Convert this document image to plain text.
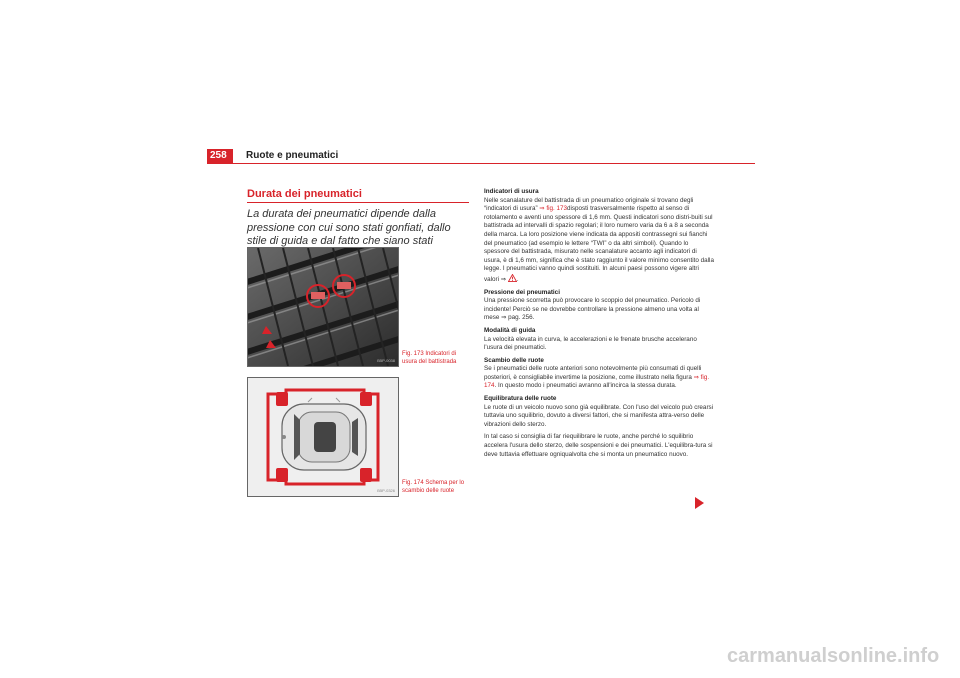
258 Ruote e pneumatici
Durata dei pneumatici
La durata dei pneumatici dipende dalla pressione con cui sono stati gonfiati, dallo stile di guida e dal fatto che siano stati
B5P-0038
Fig. 173 Indicatori di usura del battistrada
B5P-0326
Fig. 174 Schema per lo scambio delle ruote

Indicatori di usura
Nelle scanalature del battistrada di un pneumatico originale si trovano degli “indicatori di usura” ⇒ fig. 173disposti trasversalmente rispetto al senso di rotolamento e aventi uno spessore di 1,6 mm. Questi indicatori sono distri-buiti sul battistrada ad intervalli di spazio regolari; il loro numero varia da 6 a 8 a seconda della marca. La loro posizione viene indicata da appositi contrassegni sui fianchi del pneumatico (ad esempio le lettere “TWI” o da altri simboli). Quando lo spessore del battistrada, misurato nelle scanalature accanto agli indicatori di usura, è di 1,6 mm, significa che è stato raggiunto il valore minimo consentito dalla legge. I pneumatici vanno quindi sostituiti. In alcuni paesi possono vigere altri valori ⇒ .

Pressione dei pneumatici
Una pressione scorretta può provocare lo scoppio del pneumatico. Pericolo di incidente! Perciò se ne dovrebbe controllare la pressione almeno una volta al mese ⇒ pag. 256.

Modalità di guida
La velocità elevata in curva, le accelerazioni e le frenate brusche accelerano l'usura dei pneumatici.

Scambio delle ruote
Se i pneumatici delle ruote anteriori sono notevolmente più consumati di quelli posteriori, è consigliabile invertime la posizione, come illustrato nella figura ⇒ fig. 174. In questo modo i pneumatici avranno all'incirca la stessa durata.

Equilibratura delle ruote
Le ruote di un veicolo nuovo sono già equilibrate. Con l'uso del veicolo può crearsi tuttavia uno squilibrio, dovuto a diversi fattori, che si manifesta attra-verso delle vibrazioni dello sterzo.

In tal caso si consiglia di far riequilibrare le ruote, anche perché lo squilibrio accelera l'usura dello sterzo, delle sospensioni e dei pneumatici. L'equilibra-tura si deve tuttavia effettuare ogniqualvolta che si monta un pneumatico nuovo.

carmanualsonline.info
